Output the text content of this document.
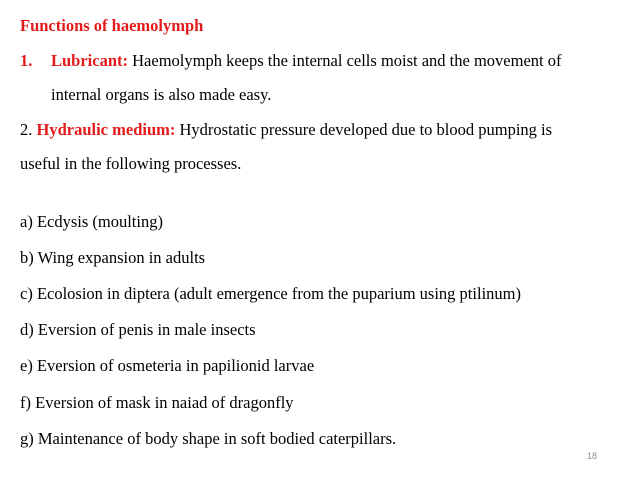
Functions of haemolymph
1. Lubricant: Haemolymph keeps the internal cells moist and the movement of
internal organs is also made easy.
2. Hydraulic medium: Hydrostatic pressure developed due to blood pumping is
useful in the following processes.
a) Ecdysis (moulting)
b) Wing expansion in adults
c) Ecolosion in diptera (adult emergence from the puparium using ptilinum)
d) Eversion of penis in male insects
e) Eversion of osmeteria in papilionid larvae
f) Eversion of mask in naiad of dragonfly
g) Maintenance of body shape in soft bodied caterpillars.
18
